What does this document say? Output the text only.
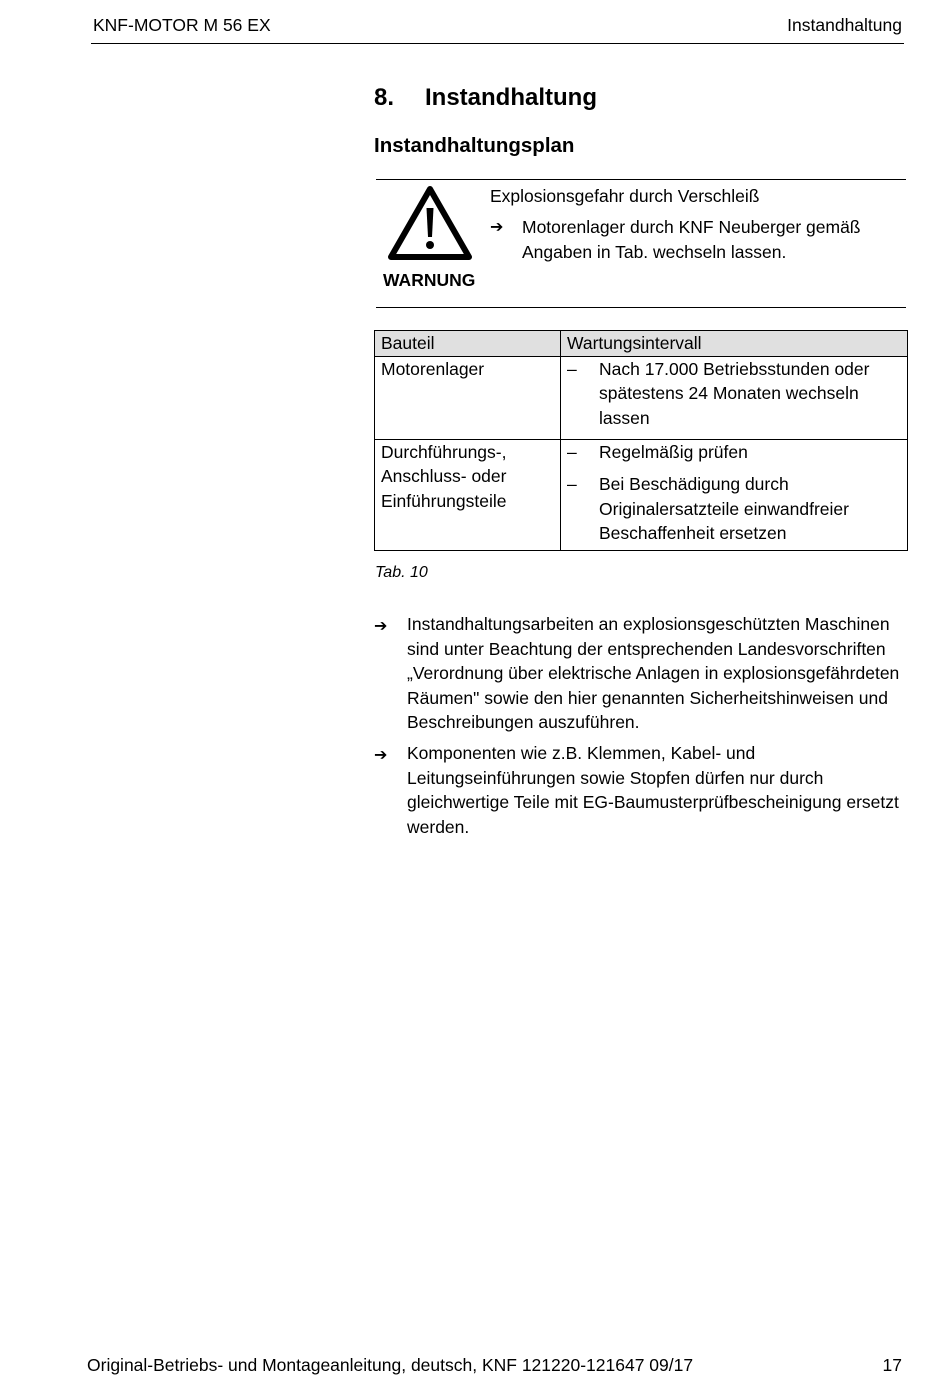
KNF-MOTOR M 56 EX	Instandhaltung
8. Instandhaltung
Instandhaltungsplan
WARNUNG
Explosionsgefahr durch Verschleiß
➔ Motorenlager durch KNF Neuberger gemäß Angaben in Tab. wechseln lassen.
Bauteil	Wartungsintervall
Motorenlager	– Nach 17.000 Betriebsstunden oder spätestens 24 Monaten wechseln lassen

Durchführungs-, Anschluss- oder Einführungsteile	– Regelmäßig prüfen
– Bei Beschädigung durch Originalersatzteile einwandfreier Beschaffenheit ersetzen
Tab. 10
➔	Instandhaltungsarbeiten an explosionsgeschützten Maschinen sind unter Beachtung der entsprechenden Landesvorschriften „Verordnung über elektrische Anlagen in explosionsgefährdeten Räumen" sowie den hier genannten Sicherheitshinweisen und Beschreibungen auszuführen.
➔	Komponenten wie z.B. Klemmen, Kabel- und Leitungseinführungen sowie Stopfen dürfen nur durch gleichwertige Teile mit EG-Baumusterprüfbescheinigung ersetzt werden.
Original-Betriebs- und Montageanleitung, deutsch, KNF 121220-121647 09/17	17
